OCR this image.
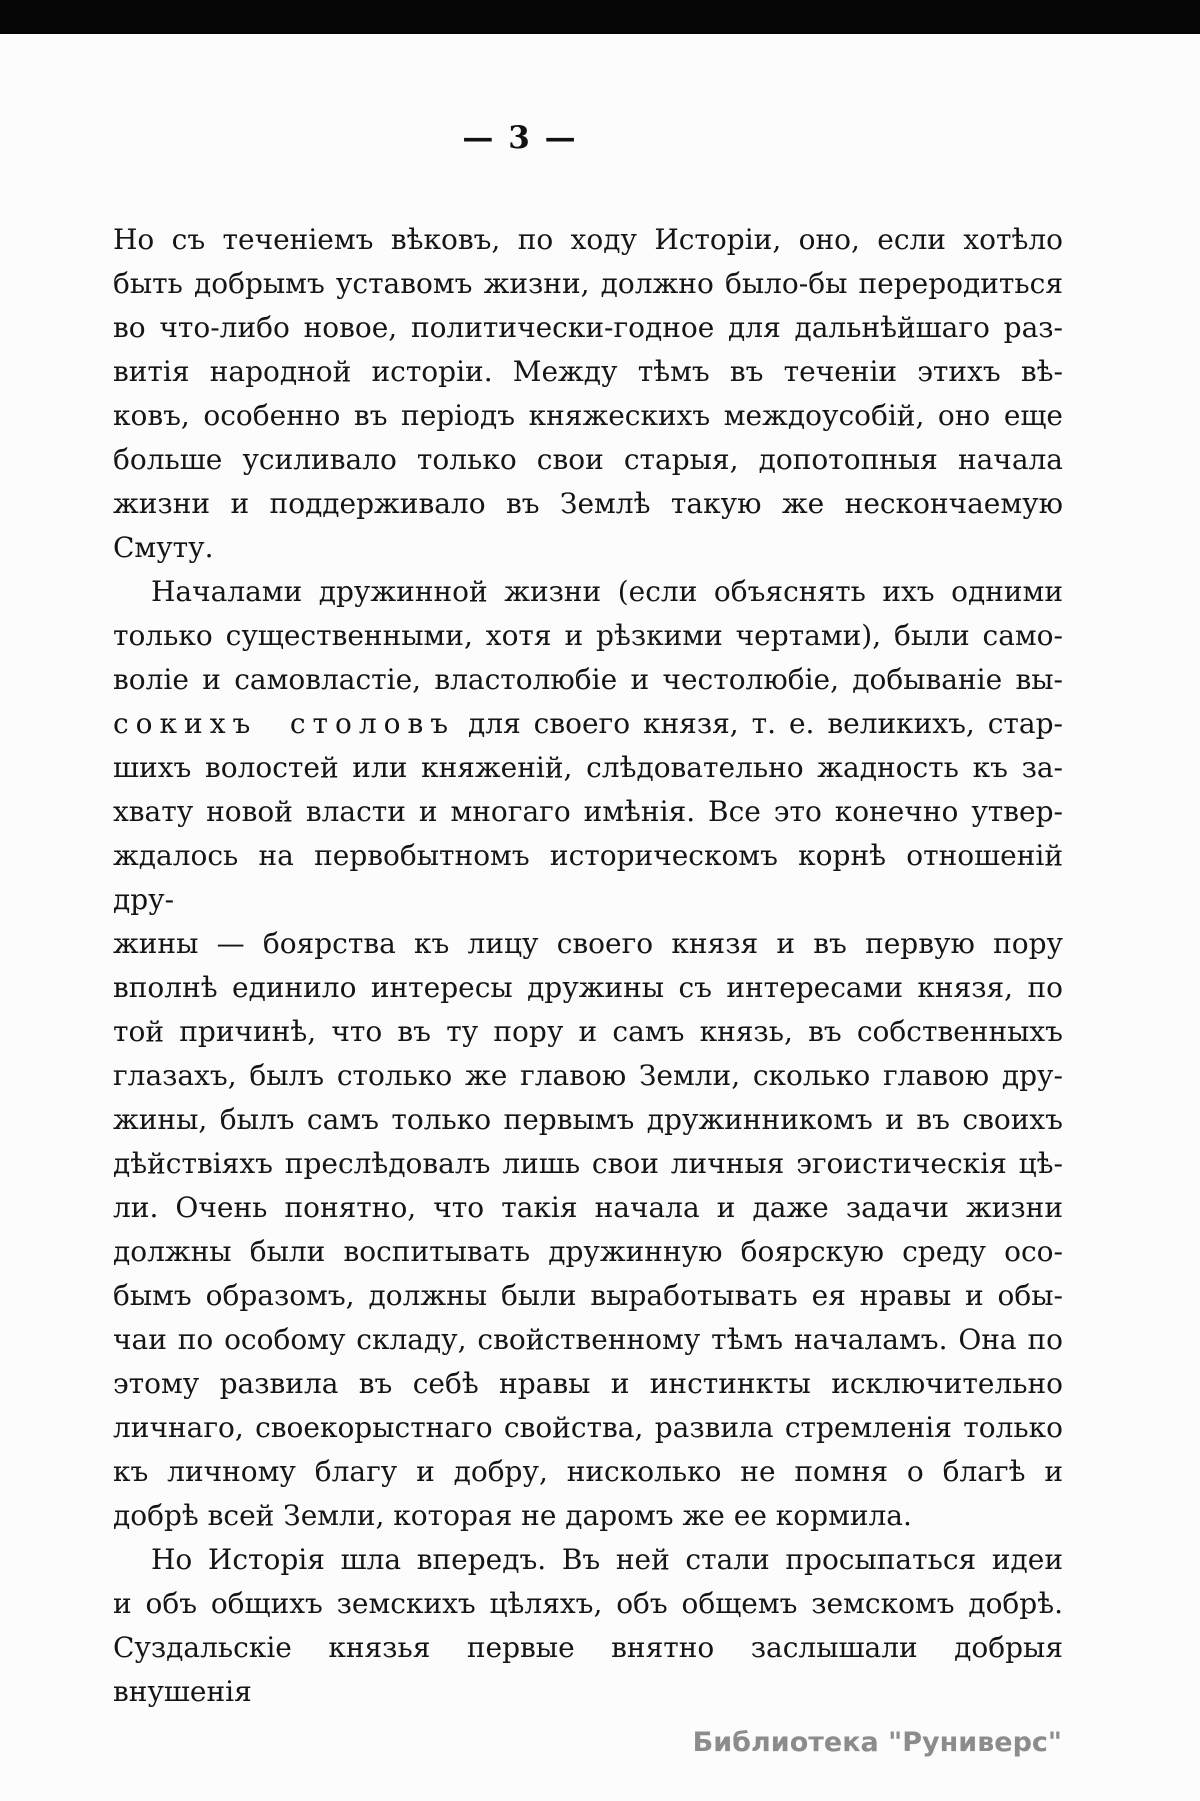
— 3 —
Но съ теченіемъ вѣковъ, по ходу Исторіи, оно, если хотѣло
быть добрымъ уставомъ жизни, должно было-бы переродиться
во что-либо новое, политически-годное для дальнѣйшаго раз-
витія народной исторіи. Между тѣмъ въ теченіи этихъ вѣ-
ковъ, особенно въ періодъ княжескихъ междоусобій, оно еще
больше усиливало только свои старыя, допотопныя начала
жизни и поддерживало въ Землѣ такую же нескончаемую
Смуту.
Началами дружинной жизни (если объяснять ихъ одними
только существенными, хотя и рѣзкими чертами), были само-
воліе и самовластіе, властолюбіе и честолюбіе, добываніе вы-
сокихъ столовъ для своего князя, т. е. великихъ, стар-
шихъ волостей или княженій, слѣдовательно жадность къ за-
хвату новой власти и многаго имѣнія. Все это конечно утвер-
ждалось на первобытномъ историческомъ корнѣ отношеній дру-
жины — боярства къ лицу своего князя и въ первую пору
вполнѣ единило интересы дружины съ интересами князя, по
той причинѣ, что въ ту пору и самъ князь, въ собственныхъ
глазахъ, былъ столько же главою Земли, сколько главою дру-
жины, былъ самъ только первымъ дружинникомъ и въ своихъ
дѣйствіяхъ преслѣдовалъ лишь свои личныя эгоистическія цѣ-
ли. Очень понятно, что такія начала и даже задачи жизни
должны были воспитывать дружинную боярскую среду осо-
бымъ образомъ, должны были выработывать ея нравы и обы-
чаи по особому складу, свойственному тѣмъ началамъ. Она по
этому развила въ себѣ нравы и инстинкты исключительно
личнаго, своекорыстнаго свойства, развила стремленія только
къ личному благу и добру, нисколько не помня о благѣ и
добрѣ всей Земли, которая не даромъ же ее кормила.
Но Исторія шла впередъ. Въ ней стали просыпаться идеи
и объ общихъ земскихъ цѣляхъ, объ общемъ земскомъ добрѣ.
Суздальскіе князья первые внятно заслышали добрыя внушенія
Библиотека "Руниверс"
